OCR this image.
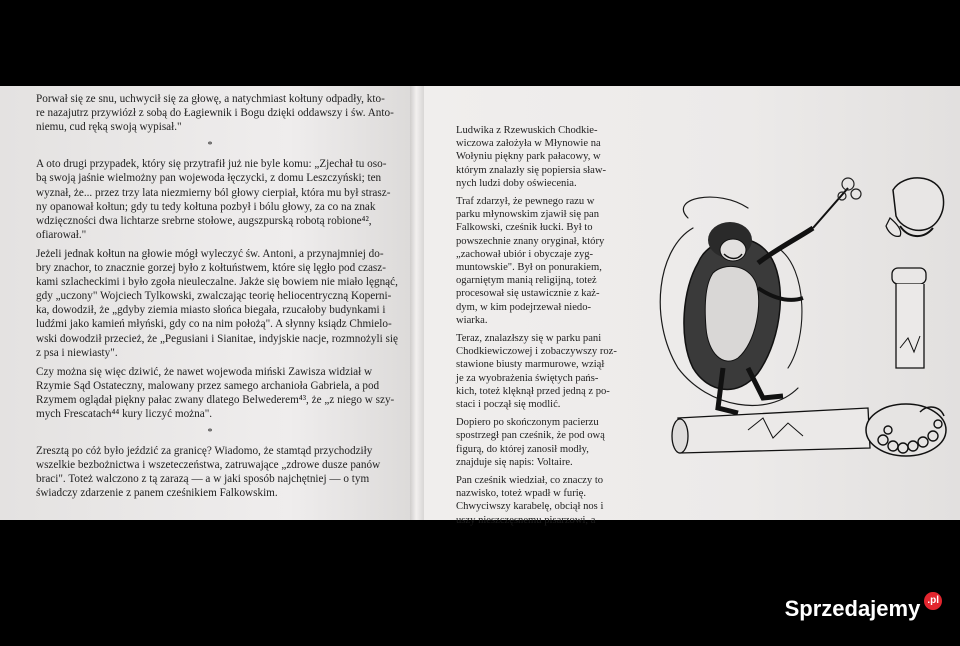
Porwał się ze snu, uchwycił się za głowę, a natychmiast kołtuny odpadły, kto-
re nazajutrz przywiózł z sobą do Łagiewnik i Bogu dzięki oddawszy i św. Anto-
niemu, cud ręką swoją wypisał."

*

A oto drugi przypadek, który się przytrafił już nie byle komu: „Zjechał tu oso-
bą swoją jaśnie wielmożny pan wojewoda łęczycki, z domu Leszczyński; ten
wyznał, że... przez trzy lata niezmierny ból głowy cierpiał, która mu był strasz-
ny opanował kołtun; gdy tu tedy kołtuna pozbył i bólu głowy, za co na znak
wdzięczności dwa lichtarze srebrne stołowe, augszpurską robotą robione⁴²,
ofiarował."

Jeżeli jednak kołtun na głowie mógł wyleczyć św. Antoni, a przynajmniej do-
bry znachor, to znacznie gorzej było z kołtuństwem, które się lęgło pod czasz-
kami szlacheckimi i było zgoła nieuleczalne. Jakże się bowiem nie miało lęgnąć,
gdy „uczony" Wojciech Tylkowski, zwalczając teorię heliocentryczną Koperni-
ka, dowodził, że „gdyby ziemia miasto słońca biegała, rzucałoby budynkami i
ludźmi jako kamień młyński, gdy co na nim położą". A słynny ksiądz Chmielo-
wski dowodził przecież, że „Pegusiani i Sianitae, indyjskie nacje, rozmnożyli się
z psa i niewiasty".

Czy można się więc dziwić, że nawet wojewoda miński Zawisza widział w
Rzymie Sąd Ostateczny, malowany przez samego archanioła Gabriela, a pod
Rzymem oglądał piękny pałac zwany dlatego Belwederem⁴³, że „z niego w szy-
mych Frescatach⁴⁴ kury liczyć można".

*

Zresztą po cóż było jeździć za granicę? Wiadomo, że stamtąd przychodziły
wszelkie bezbożnictwa i wszeteczeństwa, zatruwające „zdrowe dusze panów
braci". Toteż walczono z tą zarazą — a w jaki sposób najchętniej — o tym
świadczy zdarzenie z panem cześnikiem Falkowskim.

Ludwika z Rzewuskich Chodkie-
wiczowa założyła w Młynowie na
Wołyniu piękny park pałacowy, w
którym znalazły się popiersia sław-
nych ludzi doby oświecenia.

Traf zdarzył, że pewnego razu w
parku młynowskim zjawił się pan
Falkowski, cześnik łucki. Był to
powszechnie znany oryginał, który
„zachował ubiór i obyczaje zyg-
muntowskie". Był on ponurakiem,
ogarniętym manią religijną, toteż
procesował się ustawicznie z każ-
dym, w kim podejrzewał niedo-
wiarka.

Teraz, znalazłszy się w parku pani
Chodkiewiczowej i zobaczywszy roz-
stawione biusty marmurowe, wziął
je za wyobrażenia świętych pańs-
kich, toteż klęknął przed jedną z po-
staci i począł się modlić.

Dopiero po skończonym pacierzu
spostrzegł pan cześnik, że pod ową
figurą, do której zanosił modły,
znajduje się napis: Voltaire.

Pan cześnik wiedział, co znaczy to
nazwisko, toteż wpadł w furię.
Chwyciwszy karabelę, obciął nos i
uszy nieszczęsnemu pisarzowi, a

Sprzedajemy .pl
